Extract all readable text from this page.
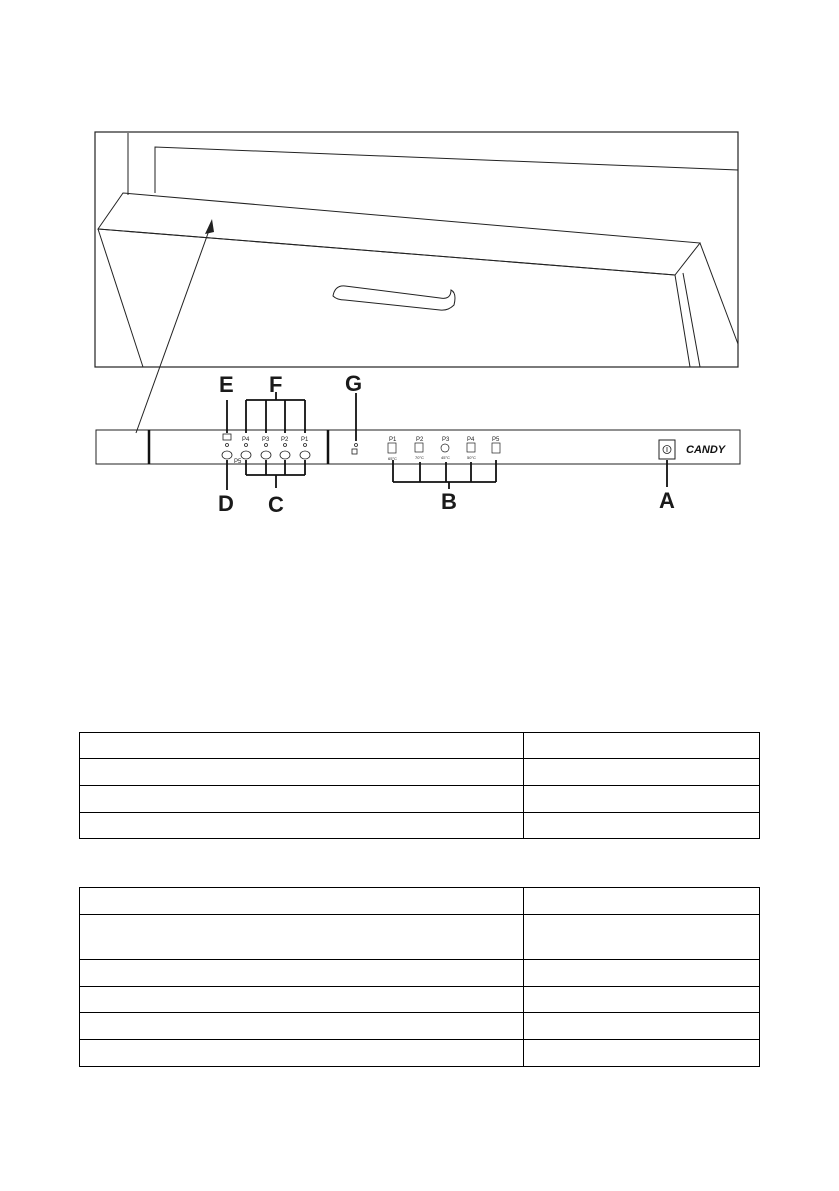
P4 P3 P2 P1
P5
P1	P2	P3	P4	P5
65°C	70°C	45°C	50°C
CANDY
E F	G
D C	B	A
